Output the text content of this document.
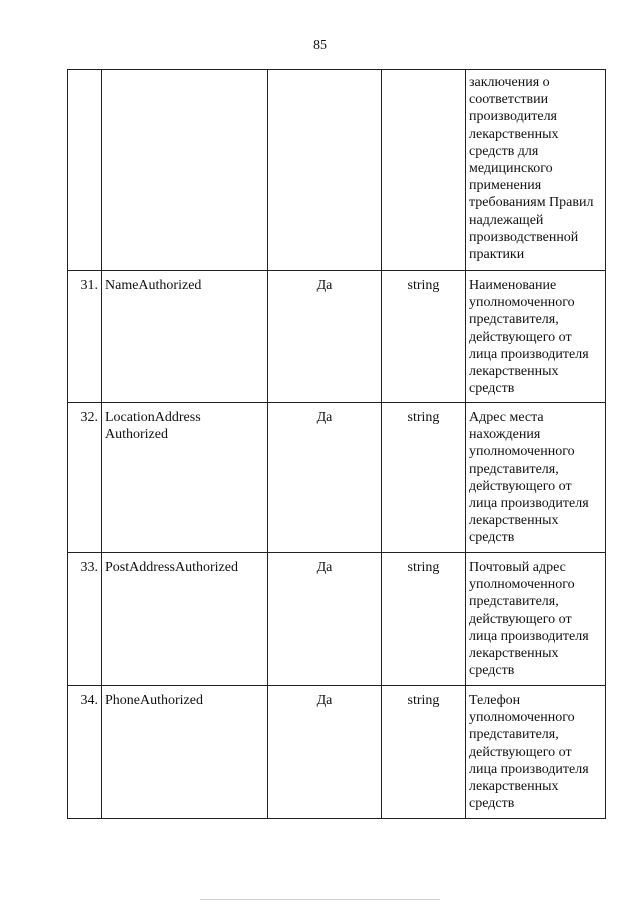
85
				заключения о соответствии производителя лекарственных средств для медицинского применения требованиям Правил надлежащей производственной практики
31.	NameAuthorized	Да	string	Наименование уполномоченного представителя, действующего от лица производителя лекарственных средств
32.	LocationAddress Authorized	Да	string	Адрес места нахождения уполномоченного представителя, действующего от лица производителя лекарственных средств
33.	PostAddressAuthorized	Да	string	Почтовый адрес уполномоченного представителя, действующего от лица производителя лекарственных средств
34.	PhoneAuthorized	Да	string	Телефон уполномоченного представителя, действующего от лица производителя лекарственных средств
